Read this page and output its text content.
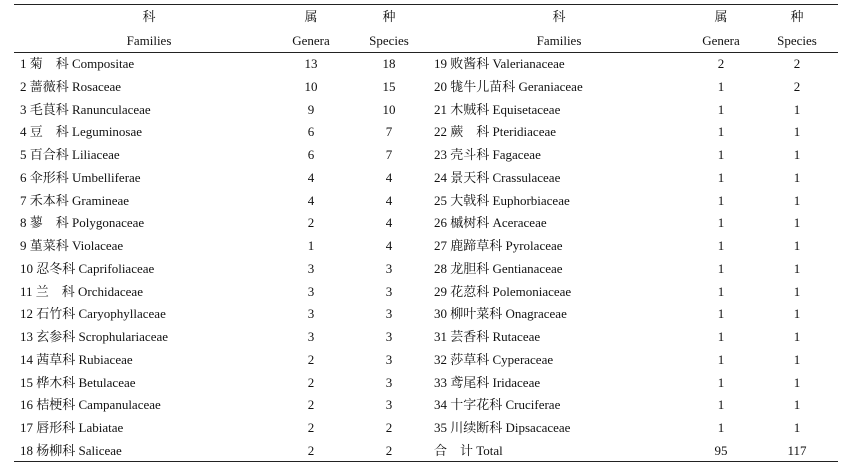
科	属	种	科	属	种
Families	Genera	Species	Families	Genera	Species
1 菊　科 Compositae	13	18	19 败酱科 Valerianaceae	2	2
2 蔷薇科 Rosaceae	10	15	20 牻牛儿苗科 Geraniaceae	1	2
3 毛茛科 Ranunculaceae	9	10	21 木贼科 Equisetaceae	1	1
4 豆　科 Leguminosae	6	7	22 蕨　科 Pteridiaceae	1	1
5 百合科 Liliaceae	6	7	23 壳斗科 Fagaceae	1	1
6 伞形科 Umbelliferae	4	4	24 景天科 Crassulaceae	1	1
7 禾本科 Gramineae	4	4	25 大戟科 Euphorbiaceae	1	1
8 蓼　科 Polygonaceae	2	4	26 槭树科 Aceraceae	1	1
9 堇菜科 Violaceae	1	4	27 鹿蹄草科 Pyrolaceae	1	1
10 忍冬科 Caprifoliaceae	3	3	28 龙胆科 Gentianaceae	1	1
11 兰　科 Orchidaceae	3	3	29 花荵科 Polemoniaceae	1	1
12 石竹科 Caryophyllaceae	3	3	30 柳叶菜科 Onagraceae	1	1
13 玄参科 Scrophulariaceae	3	3	31 芸香科 Rutaceae	1	1
14 茜草科 Rubiaceae	2	3	32 莎草科 Cyperaceae	1	1
15 桦木科 Betulaceae	2	3	33 鸢尾科 Iridaceae	1	1
16 桔梗科 Campanulaceae	2	3	34 十字花科 Cruciferae	1	1
17 唇形科 Labiatae	2	2	35 川续断科 Dipsacaceae	1	1
18 杨柳科 Saliceae	2	2	合　计 Total	95	117
